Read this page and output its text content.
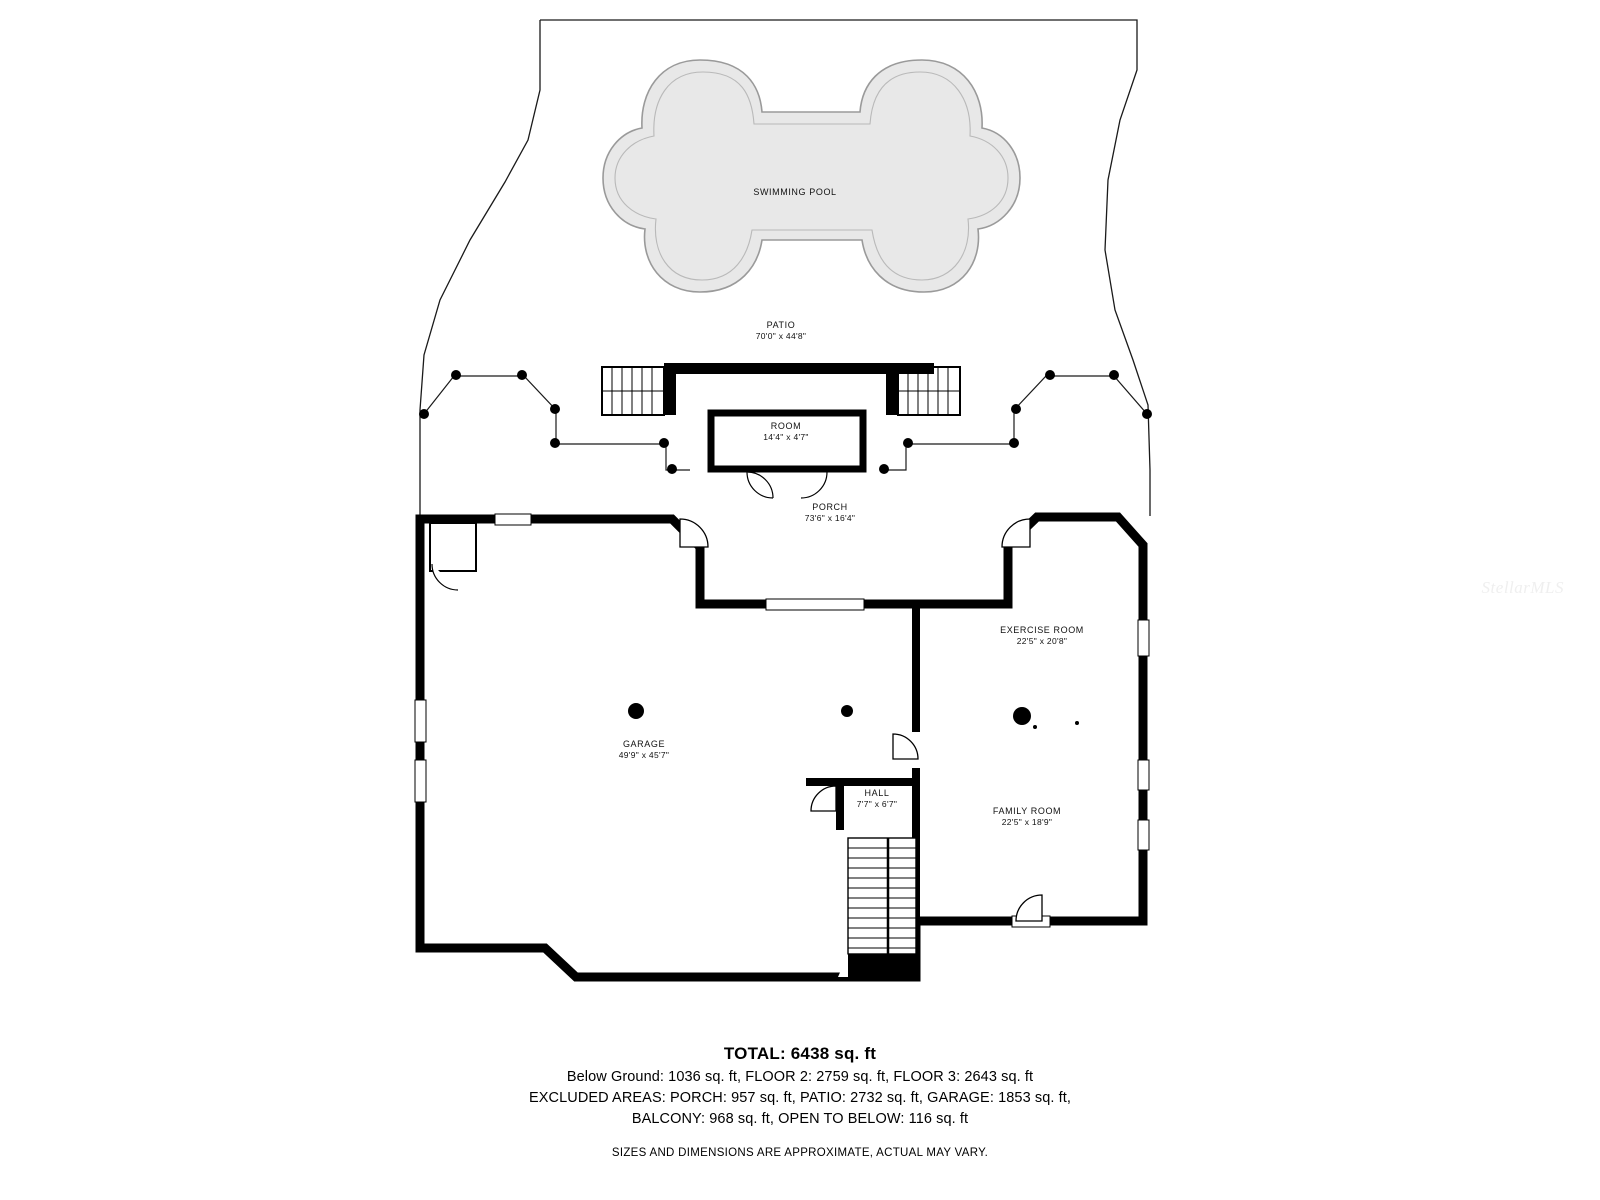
SWIMMING POOL
PATIO
70'0" x 44'8"
ROOM
14'4" x 4'7"
PORCH
73'6" x 16'4"
EXERCISE ROOM
22'5" x 20'8"
GARAGE
49'9" x 45'7"
HALL
7'7" x 6'7"
FAMILY ROOM
22'5" x 18'9"
StellarMLS
TOTAL: 6438 sq. ft
Below Ground: 1036 sq. ft, FLOOR 2: 2759 sq. ft, FLOOR 3: 2643 sq. ft
EXCLUDED AREAS: PORCH: 957 sq. ft, PATIO: 2732 sq. ft, GARAGE: 1853 sq. ft,
BALCONY: 968 sq. ft, OPEN TO BELOW: 116 sq. ft
SIZES AND DIMENSIONS ARE APPROXIMATE, ACTUAL MAY VARY.
